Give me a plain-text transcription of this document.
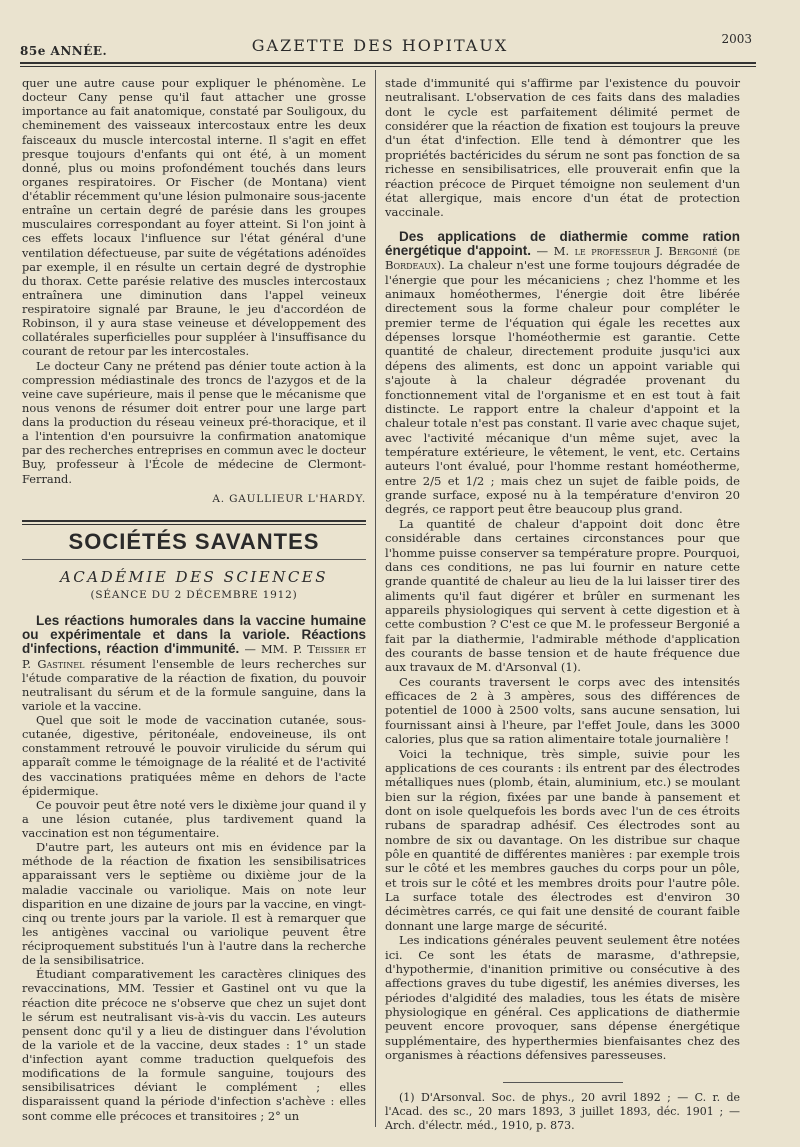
85e ANNÉE.	GAZETTE DES HOPITAUX	2003

quer une autre cause pour expliquer le phénomène. Le docteur Cany pense qu'il faut attacher une grosse importance au fait anatomique, constaté par Souligoux, du cheminement des vaisseaux intercostaux entre les deux faisceaux du muscle intercostal interne. Il s'agit en effet presque toujours d'enfants qui ont été, à un moment donné, plus ou moins profondément touchés dans leurs organes respiratoires. Or Fischer (de Montana) vient d'établir récemment qu'une lésion pulmonaire sous-jacente entraîne un certain degré de parésie dans les groupes musculaires correspondant au foyer atteint. Si l'on joint à ces effets locaux l'influence sur l'état général d'une ventilation défectueuse, par suite de végétations adénoïdes par exemple, il en résulte un certain degré de dystrophie du thorax. Cette parésie relative des muscles intercostaux entraînera une diminution dans l'appel veineux respiratoire signalé par Braune, le jeu d'accordéon de Robinson, il y aura stase veineuse et développement des collatérales superficielles pour suppléer à l'insuffisance du courant de retour par les intercostales.

Le docteur Cany ne prétend pas dénier toute action à la compression médiastinale des troncs de l'azygos et de la veine cave supérieure, mais il pense que le mécanisme que nous venons de résumer doit entrer pour une large part dans la production du réseau veineux pré-thoracique, et il a l'intention d'en poursuivre la confirmation anatomique par des recherches entreprises en commun avec le docteur Buy, professeur à l'École de médecine de Clermont-Ferrand.

A. GAULLIEUR L'HARDY.
SOCIÉTÉS SAVANTES
ACADÉMIE DES SCIENCES
(SÉANCE DU 2 DÉCEMBRE 1912)

Les réactions humorales dans la vaccine humaine ou expérimentale et dans la variole. Réactions d'infections, réaction d'immunité. — MM. P. Teissier et P. Gastinel résument l'ensemble de leurs recherches sur l'étude comparative de la réaction de fixation, du pouvoir neutralisant du sérum et de la formule sanguine, dans la variole et la vaccine.

Quel que soit le mode de vaccination cutanée, sous-cutanée, digestive, péritonéale, endoveineuse, ils ont constamment retrouvé le pouvoir virulicide du sérum qui apparaît comme le témoignage de la réalité et de l'activité des vaccinations pratiquées même en dehors de l'acte épidermique.

Ce pouvoir peut être noté vers le dixième jour quand il y a une lésion cutanée, plus tardivement quand la vaccination est non tégumentaire.

D'autre part, les auteurs ont mis en évidence par la méthode de la réaction de fixation les sensibilisatrices apparaissant vers le septième ou dixième jour de la maladie vaccinale ou variolique. Mais on note leur disparition en une dizaine de jours par la vaccine, en vingt-cinq ou trente jours par la variole. Il est à remarquer que les antigènes vaccinal ou variolique peuvent être réciproquement substitués l'un à l'autre dans la recherche de la sensibilisatrice.

Étudiant comparativement les caractères cliniques des revaccinations, MM. Tessier et Gastinel ont vu que la réaction dite précoce ne s'observe que chez un sujet dont le sérum est neutralisant vis-à-vis du vaccin. Les auteurs pensent donc qu'il y a lieu de distinguer dans l'évolution de la variole et de la vaccine, deux stades : 1° un stade d'infection ayant comme traduction quelquefois des modifications de la formule sanguine, toujours des sensibilisatrices déviant le complément ; elles disparaissent quand la période d'infection s'achève : elles sont comme elle précoces et transitoires ; 2° un

stade d'immunité qui s'affirme par l'existence du pouvoir neutralisant. L'observation de ces faits dans des maladies dont le cycle est parfaitement délimité permet de considérer que la réaction de fixation est toujours la preuve d'un état d'infection. Elle tend à démontrer que les propriétés bactéricides du sérum ne sont pas fonction de sa richesse en sensibilisatrices, elle prouverait enfin que la réaction précoce de Pirquet témoigne non seulement d'un état allergique, mais encore d'un état de protection vaccinale.

Des applications de diathermie comme ration énergétique d'appoint. — M. le professeur J. Bergonié (de Bordeaux). La chaleur n'est une forme toujours dégradée de l'énergie que pour les mécaniciens ; chez l'homme et les animaux homéothermes, l'énergie doit être libérée directement sous la forme chaleur pour compléter le premier terme de l'équation qui égale les recettes aux dépenses lorsque l'homéothermie est garantie. Cette quantité de chaleur, directement produite jusqu'ici aux dépens des aliments, est donc un appoint variable qui s'ajoute à la chaleur dégradée provenant du fonctionnement vital de l'organisme et en est tout à fait distincte. Le rapport entre la chaleur d'appoint et la chaleur totale n'est pas constant. Il varie avec chaque sujet, avec l'activité mécanique d'un même sujet, avec la température extérieure, le vêtement, le vent, etc. Certains auteurs l'ont évalué, pour l'homme restant homéotherme, entre 2/5 et 1/2 ; mais chez un sujet de faible poids, de grande surface, exposé nu à la température d'environ 20 degrés, ce rapport peut être beaucoup plus grand.

La quantité de chaleur d'appoint doit donc être considérable dans certaines circonstances pour que l'homme puisse conserver sa température propre. Pourquoi, dans ces conditions, ne pas lui fournir en nature cette grande quantité de chaleur au lieu de la lui laisser tirer des aliments qu'il faut digérer et brûler en surmenant les appareils physiologiques qui servent à cette digestion et à cette combustion ? C'est ce que M. le professeur Bergonié a fait par la diathermie, l'admirable méthode d'application des courants de basse tension et de haute fréquence due aux travaux de M. d'Arsonval (1).

Ces courants traversent le corps avec des intensités efficaces de 2 à 3 ampères, sous des différences de potentiel de 1000 à 2500 volts, sans aucune sensation, lui fournissant ainsi à l'heure, par l'effet Joule, dans les 3000 calories, plus que sa ration alimentaire totale journalière !

Voici la technique, très simple, suivie pour les applications de ces courants : ils entrent par des électrodes métalliques nues (plomb, étain, aluminium, etc.) se moulant bien sur la région, fixées par une bande à pansement et dont on isole quelquefois les bords avec l'un de ces étroits rubans de sparadrap adhésif. Ces électrodes sont au nombre de six ou davantage. On les distribue sur chaque pôle en quantité de différentes manières : par exemple trois sur le côté et les membres gauches du corps pour un pôle, et trois sur le côté et les membres droits pour l'autre pôle. La surface totale des électrodes est d'environ 30 décimètres carrés, ce qui fait une densité de courant faible donnant une large marge de sécurité.

Les indications générales peuvent seulement être notées ici. Ce sont les états de marasme, d'athrepsie, d'hypothermie, d'inanition primitive ou consécutive à des affections graves du tube digestif, les anémies diverses, les périodes d'algidité des maladies, tous les états de misère physiologique en général. Ces applications de diathermie peuvent encore provoquer, sans dépense énergétique supplémentaire, des hyperthermies bienfaisantes chez des organismes à réactions défensives paresseuses.

(1) D'Arsonval. Soc. de phys., 20 avril 1892 ; — C. r. de l'Acad. des sc., 20 mars 1893, 3 juillet 1893, déc. 1901 ; — Arch. d'électr. méd., 1910, p. 873.
